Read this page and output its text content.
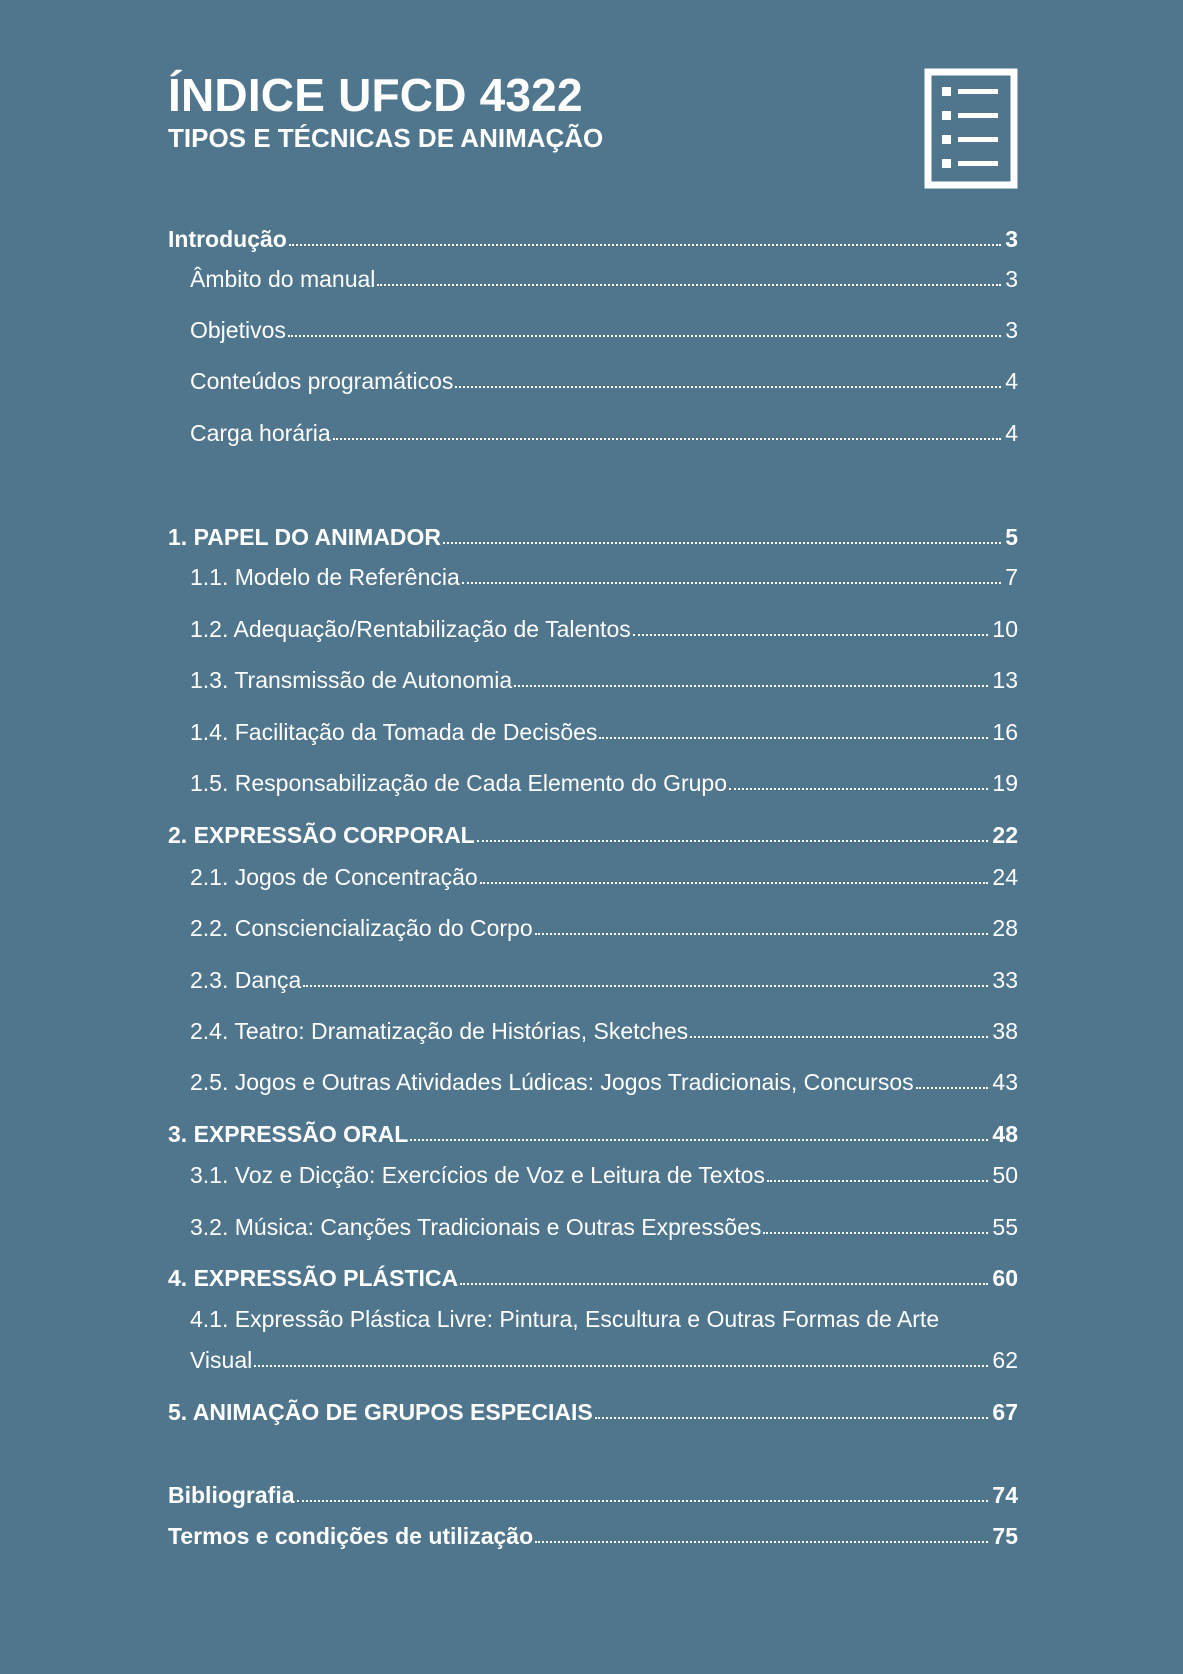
ÍNDICE UFCD 4322
TIPOS E TÉCNICAS DE ANIMAÇÃO
Introdução	3
Âmbito do manual	3
Objetivos	3
Conteúdos programáticos	4
Carga horária	4
1. PAPEL DO ANIMADOR	5
1.1. Modelo de Referência	7
1.2. Adequação/Rentabilização de Talentos	10
1.3. Transmissão de Autonomia	13
1.4. Facilitação da Tomada de Decisões	16
1.5. Responsabilização de Cada Elemento do Grupo	19
2. EXPRESSÃO CORPORAL	22
2.1. Jogos de Concentração	24
2.2. Consciencialização do Corpo	28
2.3. Dança	33
2.4. Teatro: Dramatização de Histórias, Sketches	38
2.5. Jogos e Outras Atividades Lúdicas: Jogos Tradicionais, Concursos	43
3. EXPRESSÃO ORAL	48
3.1. Voz e Dicção: Exercícios de Voz e Leitura de Textos	50
3.2. Música: Canções Tradicionais e Outras Expressões	55
4. EXPRESSÃO PLÁSTICA	60
4.1. Expressão Plástica Livre: Pintura, Escultura e Outras Formas de Arte
Visual	62
5. ANIMAÇÃO DE GRUPOS ESPECIAIS	67
Bibliografia	74
Termos e condições de utilização	75
